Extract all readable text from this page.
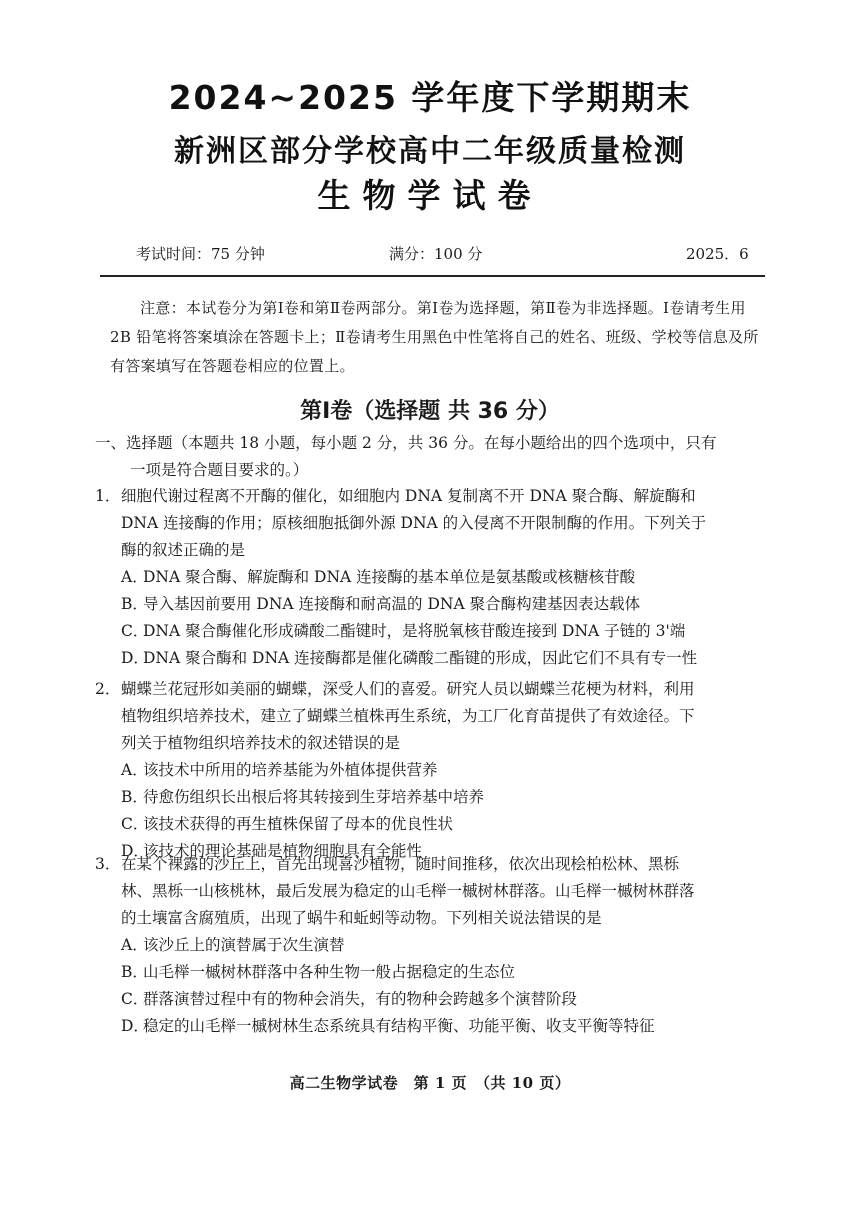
2024~2025 学年度下学期期末
新洲区部分学校高中二年级质量检测
生物学试卷
考试时间：75 分钟	满分：100 分	2025．6
注意：本试卷分为第Ⅰ卷和第Ⅱ卷两部分。第Ⅰ卷为选择题，第Ⅱ卷为非选择题。Ⅰ卷请考生用 2B 铅笔将答案填涂在答题卡上；Ⅱ卷请考生用黑色中性笔将自己的姓名、班级、学校等信息及所有答案填写在答题卷相应的位置上。
第Ⅰ卷（选择题 共 36 分）
一、选择题（本题共 18 小题，每小题 2 分，共 36 分。在每小题给出的四个选项中，只有
一项是符合题目要求的。）
1．细胞代谢过程离不开酶的催化，如细胞内 DNA 复制离不开 DNA 聚合酶、解旋酶和
DNA 连接酶的作用；原核细胞抵御外源 DNA 的入侵离不开限制酶的作用。下列关于
酶的叙述正确的是
A．DNA 聚合酶、解旋酶和 DNA 连接酶的基本单位是氨基酸或核糖核苷酸
B．导入基因前要用 DNA 连接酶和耐高温的 DNA 聚合酶构建基因表达载体
C．DNA 聚合酶催化形成磷酸二酯键时，是将脱氧核苷酸连接到 DNA 子链的 3'端
D．DNA 聚合酶和 DNA 连接酶都是催化磷酸二酯键的形成，因此它们不具有专一性
2．蝴蝶兰花冠形如美丽的蝴蝶，深受人们的喜爱。研究人员以蝴蝶兰花梗为材料，利用
植物组织培养技术，建立了蝴蝶兰植株再生系统，为工厂化育苗提供了有效途径。下
列关于植物组织培养技术的叙述错误的是
A．该技术中所用的培养基能为外植体提供营养
B．待愈伤组织长出根后将其转接到生芽培养基中培养
C．该技术获得的再生植株保留了母本的优良性状
D．该技术的理论基础是植物细胞具有全能性
3．在某个裸露的沙丘上，首先出现喜沙植物，随时间推移，依次出现桧柏松林、黑栎
林、黑栎一山核桃林，最后发展为稳定的山毛榉一槭树林群落。山毛榉一槭树林群落
的土壤富含腐殖质，出现了蜗牛和蚯蚓等动物。下列相关说法错误的是
A．该沙丘上的演替属于次生演替
B．山毛榉一槭树林群落中各种生物一般占据稳定的生态位
C．群落演替过程中有的物种会消失，有的物种会跨越多个演替阶段
D．稳定的山毛榉一槭树林生态系统具有结构平衡、功能平衡、收支平衡等特征
高二生物学试卷　第 1 页　（共 10 页）
